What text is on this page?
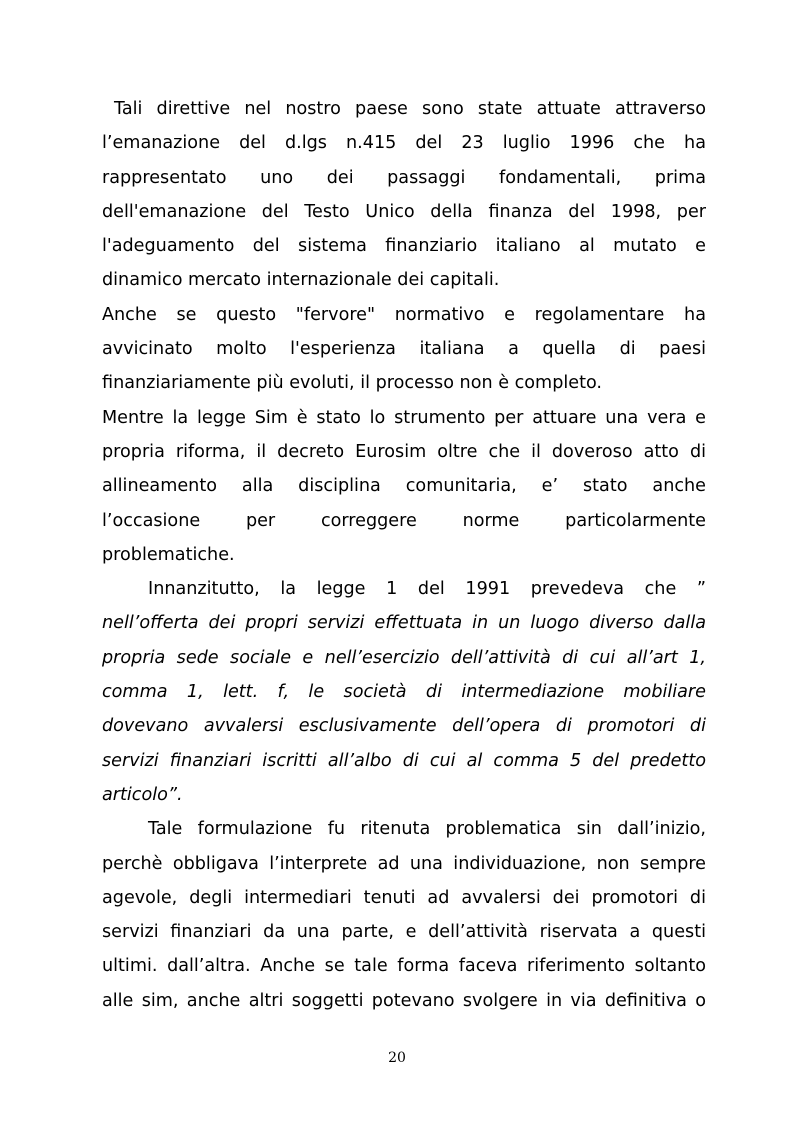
Tali direttive nel nostro paese sono state attuate attraverso
l’emanazione del d.lgs n.415 del 23 luglio 1996 che ha
rappresentato uno dei passaggi fondamentali, prima
dell'emanazione del Testo Unico della finanza del 1998, per
l'adeguamento del sistema finanziario italiano al mutato e
dinamico mercato internazionale dei capitali.
Anche se questo "fervore" normativo e regolamentare ha
avvicinato molto l'esperienza italiana a quella di paesi
finanziariamente più evoluti, il processo non è completo.
Mentre la legge Sim è stato lo strumento per attuare una vera e
propria riforma, il decreto Eurosim oltre che il doveroso atto di
allineamento alla disciplina comunitaria, e’ stato anche
l’occasione per correggere norme particolarmente
problematiche.
Innanzitutto, la legge 1 del 1991 prevedeva che ”
nell’offerta dei propri servizi effettuata in un luogo diverso dalla
propria sede sociale e nell’esercizio dell’attività di cui all’art 1,
comma 1, lett. f, le società di intermediazione mobiliare
dovevano avvalersi esclusivamente dell’opera di promotori di
servizi finanziari iscritti all’albo di cui al comma 5 del predetto
articolo”.
Tale formulazione fu ritenuta problematica sin dall’inizio,
perchè obbligava l’interprete ad una individuazione, non sempre
agevole, degli intermediari tenuti ad avvalersi dei promotori di
servizi finanziari da una parte, e dell’attività riservata a questi
ultimi. dall’altra. Anche se tale forma faceva riferimento soltanto
alle sim, anche altri soggetti potevano svolgere in via definitiva o
20
